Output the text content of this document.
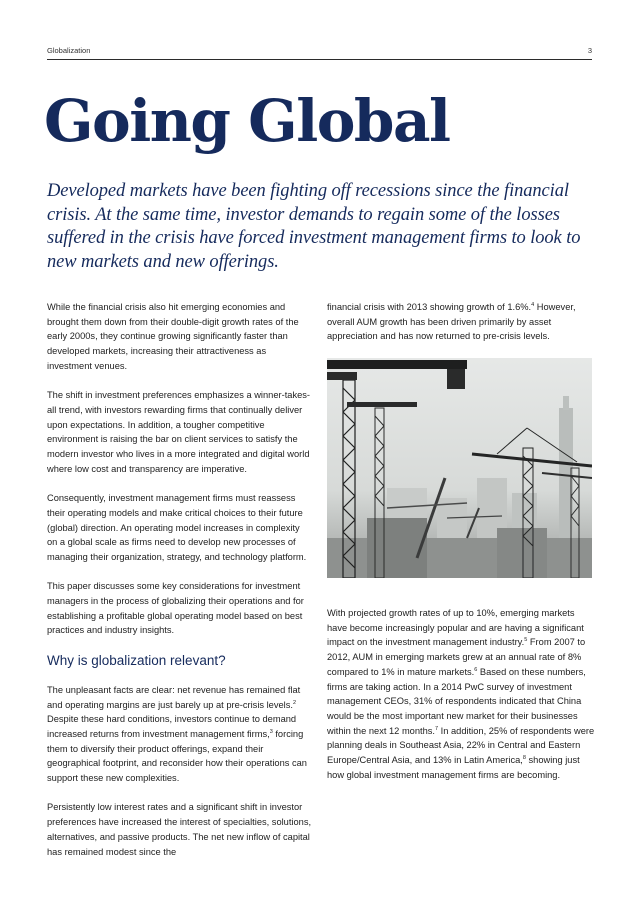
Globalization	3
Going Global

Developed markets have been fighting off recessions since the financial crisis. At the same time, investor demands to regain some of the losses suffered in the crisis have forced investment management firms to look to new markets and new offerings.

While the financial crisis also hit emerging economies and brought them down from their double-digit growth rates of the early 2000s, they continue growing significantly faster than developed markets, increasing their attractiveness as investment venues.

The shift in investment preferences emphasizes a winner-takes-all trend, with investors rewarding firms that continually deliver upon expectations. In addition, a tougher competitive environment is raising the bar on client services to satisfy the modern investor who lives in a more integrated and digital world where low cost and transparency are imperative.

Consequently, investment management firms must reassess their operating models and make critical choices to their future (global) direction. An operating model increases in complexity on a global scale as firms need to develop new processes of managing their organization, strategy, and technology platform.

This paper discusses some key considerations for investment managers in the process of globalizing their operations and for establishing a profitable global operating model based on best practices and industry insights.

Why is globalization relevant?

The unpleasant facts are clear: net revenue has remained flat and operating margins are just barely up at pre-crisis levels.$^2$ Despite these hard conditions, investors continue to demand increased returns from investment management firms,$^3$ forcing them to diversify their product offerings, expand their geographical footprint, and reconsider how their operations can support these new complexities.

Persistently low interest rates and a significant shift in investor preferences have increased the interest of specialties, solutions, alternatives, and passive products. The net new inflow of capital has remained modest since the

financial crisis with 2013 showing growth of 1.6%.$^4$ However, overall AUM growth has been driven primarily by asset appreciation and has now returned to pre-crisis levels.

With projected growth rates of up to 10%, emerging markets have become increasingly popular and are having a significant impact on the investment management industry.$^5$ From 2007 to 2012, AUM in emerging markets grew at an annual rate of 8% compared to 1% in mature markets.$^6$ Based on these numbers, firms are taking action. In a 2014 PwC survey of investment management CEOs, 31% of respondents indicated that China would be the most important new market for their businesses within the next 12 months.$^7$ In addition, 25% of respondents were planning deals in Southeast Asia, 22% in Central and Eastern Europe/Central Asia, and 13% in Latin America,$^8$ showing just how global investment management firms are becoming.
